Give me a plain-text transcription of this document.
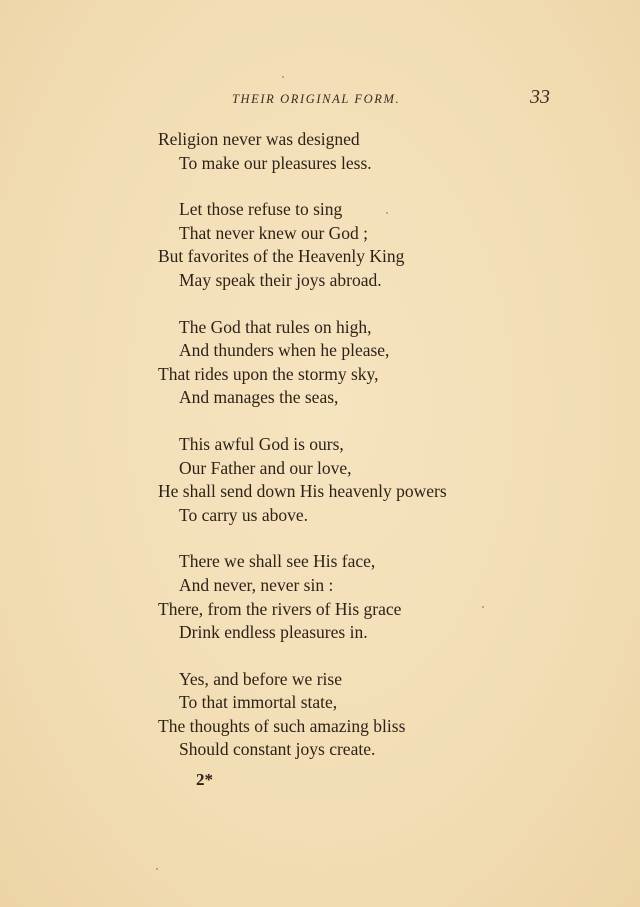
THEIR ORIGINAL FORM.	33
Religion never was designed
To make our pleasures less.
Let those refuse to sing
That never knew our God ;
But favorites of the Heavenly King
May speak their joys abroad.
The God that rules on high,
And thunders when he please,
That rides upon the stormy sky,
And manages the seas,
This awful God is ours,
Our Father and our love,
He shall send down His heavenly powers
To carry us above.
There we shall see His face,
And never, never sin :
There, from the rivers of His grace
Drink endless pleasures in.
Yes, and before we rise
To that immortal state,
The thoughts of such amazing bliss
Should constant joys create.
2*
